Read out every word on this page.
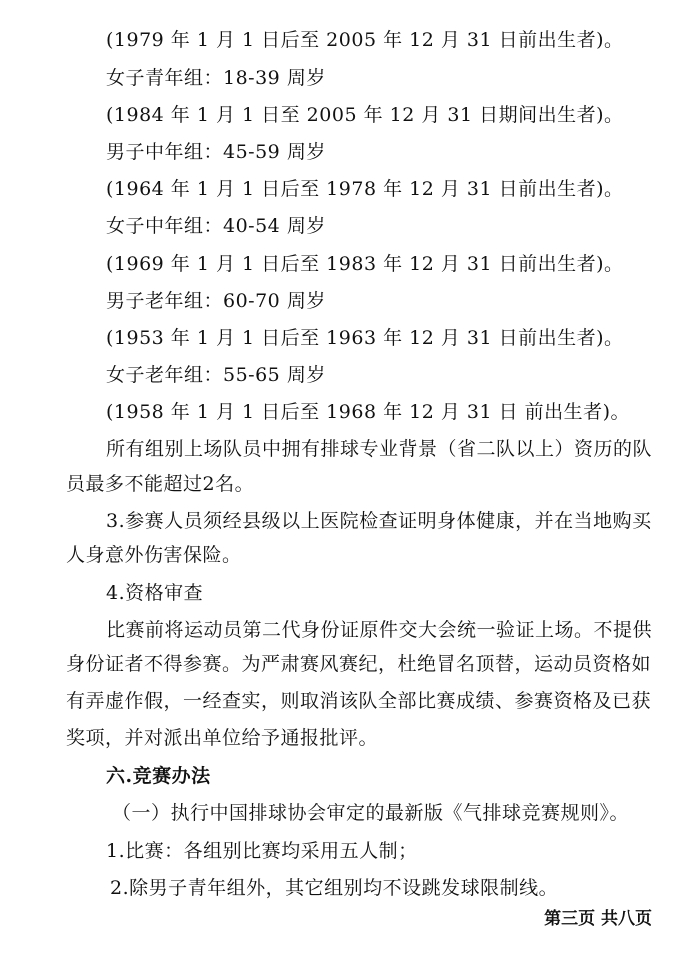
(1979 年 1 月 1 日后至 2005 年 12 月 31 日前出生者)。
女子青年组：18-39 周岁
(1984 年 1 月 1 日至 2005 年 12 月 31 日期间出生者)。
男子中年组：45-59 周岁
(1964 年 1 月 1 日后至 1978 年 12 月 31 日前出生者)。
女子中年组：40-54 周岁
(1969 年 1 月 1 日后至 1983 年 12 月 31 日前出生者)。
男子老年组：60-70 周岁
(1953 年 1 月 1 日后至 1963 年 12 月 31 日前出生者)。
女子老年组：55-65 周岁
(1958 年 1 月 1 日后至 1968 年 12 月 31 日 前出生者)。
所有组别上场队员中拥有排球专业背景（省二队以上）资历的队
员最多不能超过2名。
3.参赛人员须经县级以上医院检查证明身体健康，并在当地购买
人身意外伤害保险。
4.资格审查
比赛前将运动员第二代身份证原件交大会统一验证上场。不提供
身份证者不得参赛。为严肃赛风赛纪，杜绝冒名顶替，运动员资格如
有弄虚作假，一经查实，则取消该队全部比赛成绩、参赛资格及已获
奖项，并对派出单位给予通报批评。
六.竞赛办法
（一）执行中国排球协会审定的最新版《气排球竞赛规则》。
1.比赛：各组别比赛均采用五人制；
2.除男子青年组外，其它组别均不设跳发球限制线。
第三页 共八页
